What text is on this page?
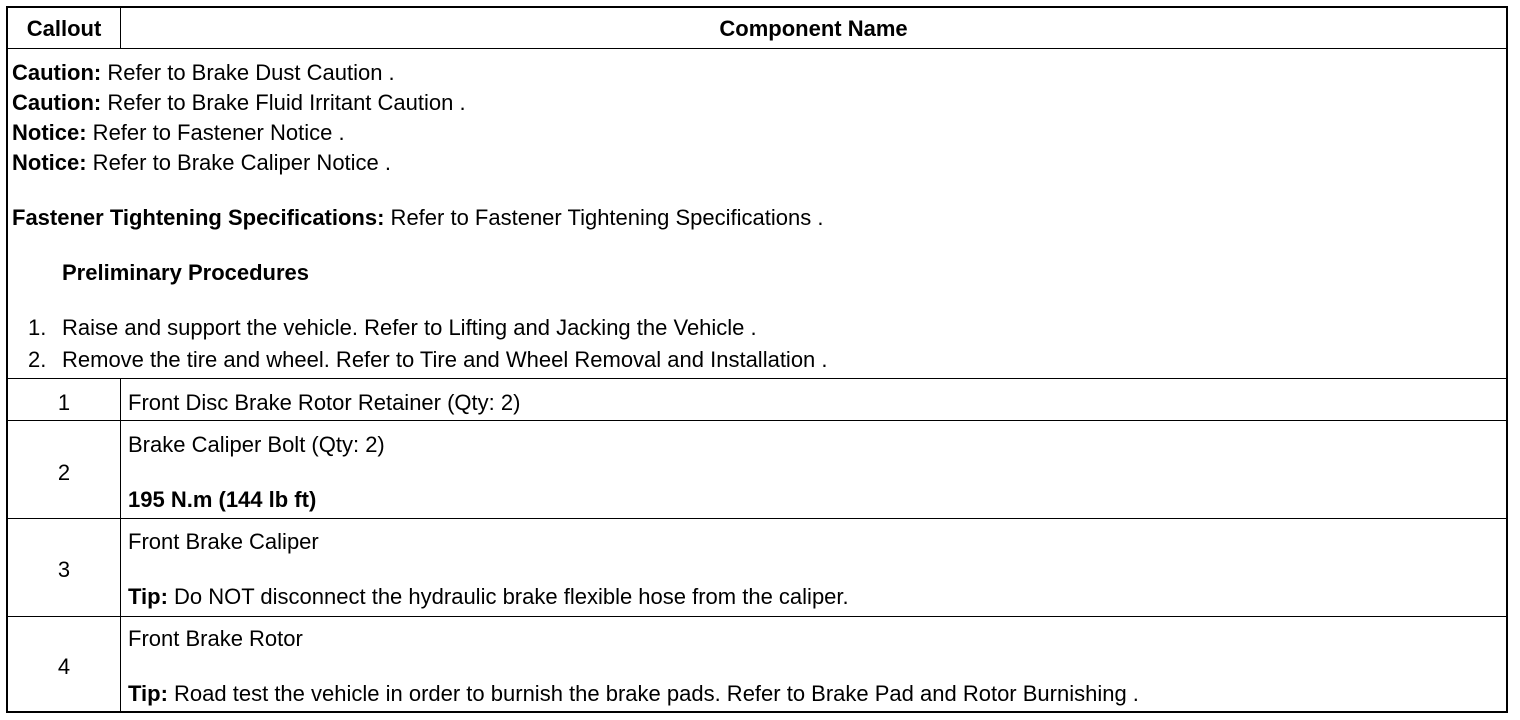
Callout	Component Name
Caution: Refer to Brake Dust Caution .
Caution: Refer to Brake Fluid Irritant Caution .
Notice: Refer to Fastener Notice .
Notice: Refer to Brake Caliper Notice .
Fastener Tightening Specifications: Refer to Fastener Tightening Specifications .
Preliminary Procedures
1. Raise and support the vehicle. Refer to Lifting and Jacking the Vehicle .
2. Remove the tire and wheel. Refer to Tire and Wheel Removal and Installation .
1	Front Disc Brake Rotor Retainer (Qty: 2)
2
Brake Caliper Bolt (Qty: 2)
195 N.m (144 lb ft)
3
Front Brake Caliper
Tip: Do NOT disconnect the hydraulic brake flexible hose from the caliper.
4
Front Brake Rotor
Tip: Road test the vehicle in order to burnish the brake pads. Refer to Brake Pad and Rotor Burnishing .
